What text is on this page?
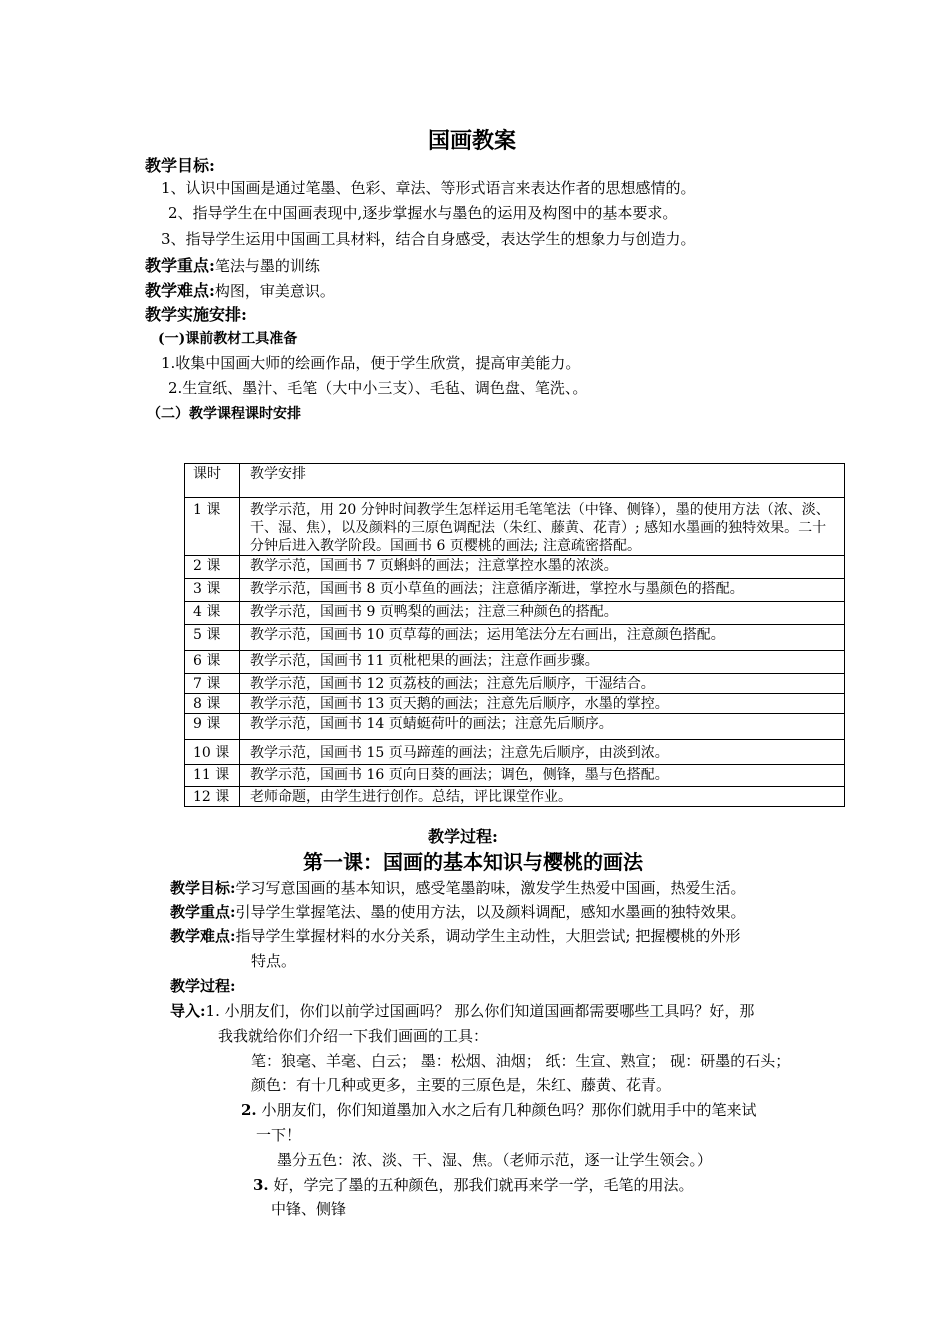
国画教案
教学目标:
1、认识中国画是通过笔墨、色彩、章法、等形式语言来表达作者的思想感情的。
2、指导学生在中国画表现中,逐步掌握水与墨色的运用及构图中的基本要求。
3、指导学生运用中国画工具材料，结合自身感受，表达学生的想象力与创造力。
教学重点:笔法与墨的训练
教学难点:构图，审美意识。
教学实施安排:
(一)课前教材工具准备
1.收集中国画大师的绘画作品，便于学生欣赏，提高审美能力。
2.生宣纸、墨汁、毛笔（大中小三支）、毛毡、调色盘、笔洗、。
（二）教学课程课时安排
课时	教学安排
1 课	教学示范，用 20 分钟时间教学生怎样运用毛笔笔法（中锋、侧锋），墨的使用方法（浓、淡、干、湿、焦），以及颜料的三原色调配法（朱红、藤黄、花青）; 感知水墨画的独特效果。二十分钟后进入教学阶段。国画书 6 页樱桃的画法; 注意疏密搭配。
2 课	教学示范，国画书 7 页蝌蚪的画法；注意掌控水墨的浓淡。
3 课	教学示范，国画书 8 页小草鱼的画法；注意循序渐进，掌控水与墨颜色的搭配。
4 课	教学示范，国画书 9 页鸭梨的画法；注意三种颜色的搭配。
5 课	教学示范，国画书 10 页草莓的画法；运用笔法分左右画出，注意颜色搭配。
6 课	教学示范，国画书 11 页枇杷果的画法；注意作画步骤。
7 课	教学示范，国画书 12 页荔枝的画法；注意先后顺序，干湿结合。
8 课	教学示范，国画书 13 页天鹅的画法；注意先后顺序，水墨的掌控。
9 课	教学示范，国画书 14 页蜻蜓荷叶的画法；注意先后顺序。
10 课	教学示范，国画书 15 页马蹄莲的画法；注意先后顺序，由淡到浓。
11 课	教学示范，国画书 16 页向日葵的画法；调色，侧锋，墨与色搭配。
12 课	老师命题，由学生进行创作。总结，评比课堂作业。
教学过程:
第一课：国画的基本知识与樱桃的画法
教学目标:学习写意国画的基本知识，感受笔墨韵味，激发学生热爱中国画，热爱生活。
教学重点:引导学生掌握笔法、墨的使用方法，以及颜料调配，感知水墨画的独特效果。
教学难点:指导学生掌握材料的水分关系，调动学生主动性，大胆尝试; 把握樱桃的外形
特点。
教学过程:
导入:1. 小朋友们，你们以前学过国画吗？ 那么你们知道国画都需要哪些工具吗？好，那
我我就给你们介绍一下我们画画的工具：
笔：狼毫、羊毫、白云； 墨：松烟、油烟； 纸：生宣、熟宣； 砚：研墨的石头；
颜色：有十几种或更多，主要的三原色是，朱红、藤黄、花青。
2. 小朋友们，你们知道墨加入水之后有几种颜色吗？那你们就用手中的笔来试
一下！
墨分五色：浓、淡、干、湿、焦。（老师示范，逐一让学生领会。）
3. 好，学完了墨的五种颜色，那我们就再来学一学，毛笔的用法。
中锋、侧锋
